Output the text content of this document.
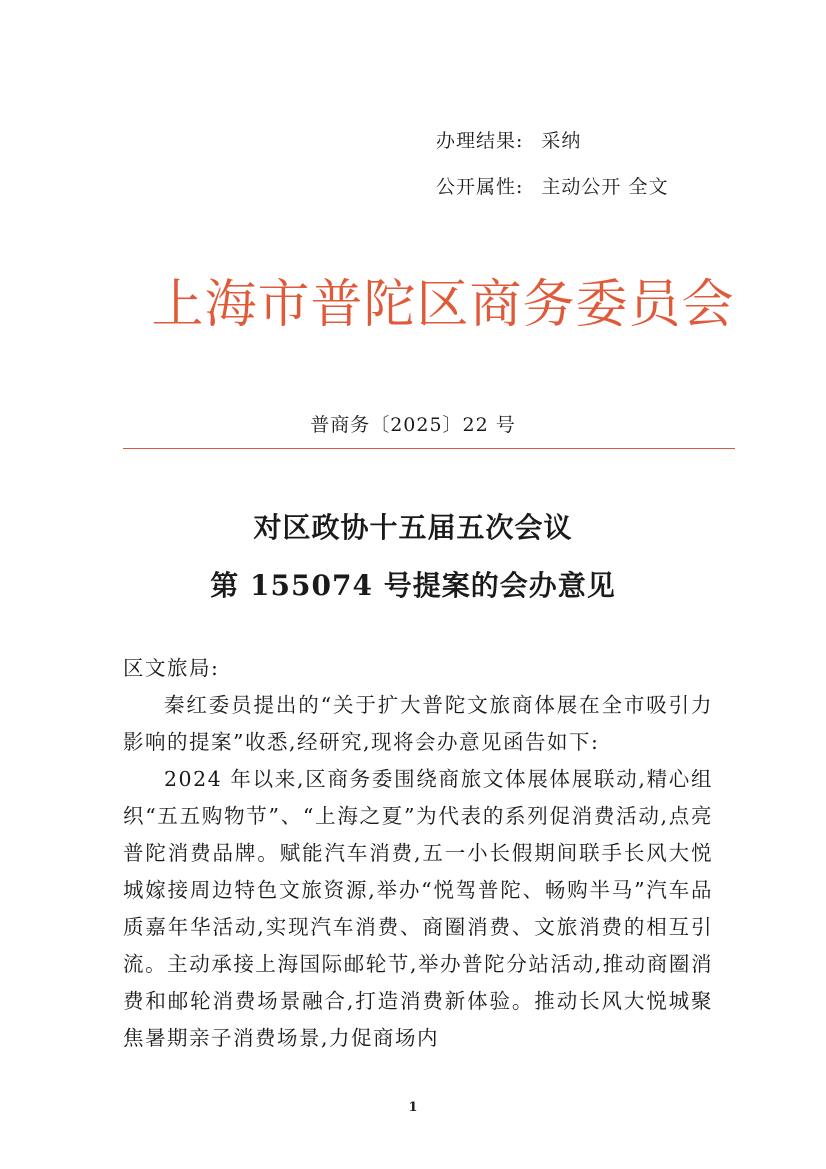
办理结果: 采纳
公开属性: 主动公开 全文
上海市普陀区商务委员会
普商务〔2025〕22 号
对区政协十五届五次会议
第 155074 号提案的会办意见

区文旅局:

秦红委员提出的“关于扩大普陀文旅商体展在全市吸引力影响的提案”收悉,经研究,现将会办意见函告如下:

2024 年以来,区商务委围绕商旅文体展体展联动,精心组织“五五购物节”、“上海之夏”为代表的系列促消费活动,点亮普陀消费品牌。赋能汽车消费,五一小长假期间联手长风大悦城嫁接周边特色文旅资源,举办“悦驾普陀、畅购半马”汽车品质嘉年华活动,实现汽车消费、商圈消费、文旅消费的相互引流。主动承接上海国际邮轮节,举办普陀分站活动,推动商圈消费和邮轮消费场景融合,打造消费新体验。推动长风大悦城聚焦暑期亲子消费场景,力促商场内

1
